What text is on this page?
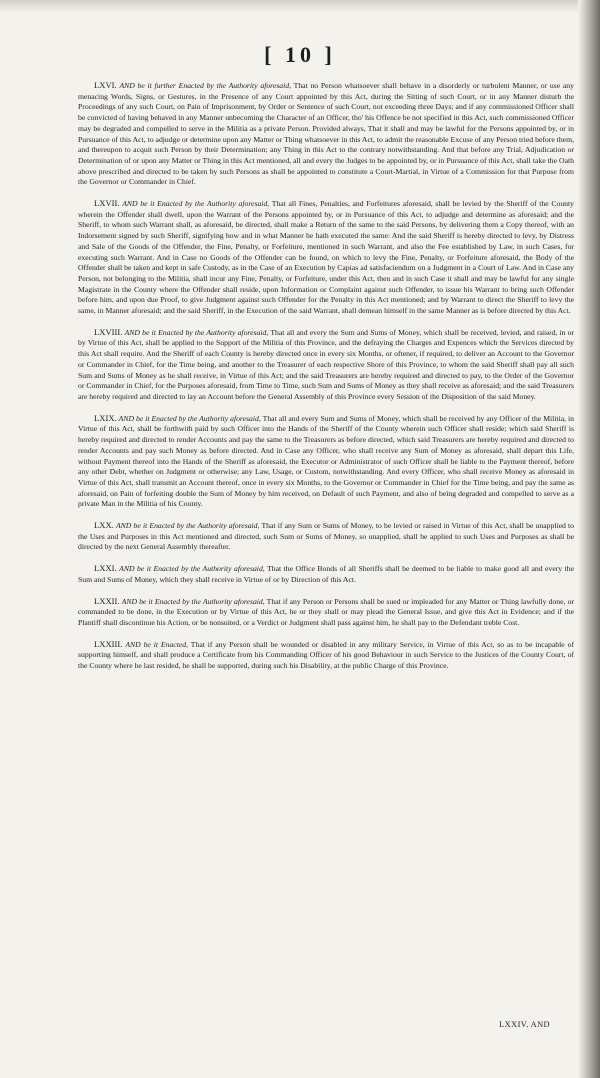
[ 10 ]

LXVI. AND be it further Enacted by the Authority aforesaid, That no Person whatsoever shall behave in a disorderly or turbulent Manner, or use any menacing Words, Signs, or Gestures, in the Presence of any Court appointed by this Act, during the Sitting of such Court, or in any Manner disturb the Proceedings of any such Court, on Pain of Imprisonment, by Order or Sentence of such Court, not exceeding three Days; and if any commissioned Officer shall be convicted of having behaved in any Manner unbecoming the Character of an Officer, tho' his Offence be not specified in this Act, such commissioned Officer may be degraded and compelled to serve in the Militia as a private Person. Provided always, That it shall and may be lawful for the Persons appointed by, or in Pursuance of this Act, to adjudge or determine upon any Matter or Thing whatsoever in this Act, to admit the reasonable Excuse of any Person tried before them, and thereupon to acquit such Person by their Determination; any Thing in this Act to the contrary notwithstanding. And that before any Trial, Adjudication or Determination of or upon any Matter or Thing in this Act mentioned, all and every the Judges to be appointed by, or in Pursuance of this Act, shall take the Oath above prescribed and directed to be taken by such Persons as shall be appointed to constitute a Court-Martial, in Virtue of a Commission for that Purpose from the Governor or Commander in Chief.

LXVII. AND be it Enacted by the Authority aforesaid, That all Fines, Penalties, and Forfeitures aforesaid, shall be levied by the Sheriff of the County wherein the Offender shall dwell, upon the Warrant of the Persons appointed by, or in Pursuance of this Act, to adjudge and determine as aforesaid; and the Sheriff, to whom such Warrant shall, as aforesaid, be directed, shall make a Return of the same to the said Persons, by delivering them a Copy thereof, with an Indorsement signed by such Sheriff, signifying how and in what Manner he hath executed the same: And the said Sheriff is hereby directed to levy, by Distress and Sale of the Goods of the Offender, the Fine, Penalty, or Forfeiture, mentioned in such Warrant, and also the Fee established by Law, in such Cases, for executing such Warrant. And in Case no Goods of the Offender can be found, on which to levy the Fine, Penalty, or Forfeiture aforesaid, the Body of the Offender shall be taken and kept in safe Custody, as in the Case of an Execution by Capias ad satisfaciendum on a Judgment in a Court of Law. And in Case any Person, not belonging to the Militia, shall incur any Fine, Penalty, or Forfeiture, under this Act, then and in such Case it shall and may be lawful for any single Magistrate in the County where the Offender shall reside, upon Information or Complaint against such Offender, to issue his Warrant to bring such Offender before him, and upon due Proof, to give Judgment against such Offender for the Penalty in this Act mentioned; and by Warrant to direct the Sheriff to levy the same, in Manner aforesaid; and the said Sheriff, in the Execution of the said Warrant, shall demean himself in the same Manner as is before directed by this Act.

LXVIII. AND be it Enacted by the Authority aforesaid, That all and every the Sum and Sums of Money, which shall be received, levied, and raised, in or by Virtue of this Act, shall be applied to the Support of the Militia of this Province, and the defraying the Charges and Expences which the Services directed by this Act shall require. And the Sheriff of each County is hereby directed once in every six Months, or oftener, if required, to deliver an Account to the Governor or Commander in Chief, for the Time being, and another to the Treasurer of each respective Shore of this Province, to whom the said Sheriff shall pay all such Sum and Sums of Money as he shall receive, in Virtue of this Act; and the said Treasurers are hereby required and directed to pay, to the Order of the Governor or Commander in Chief, for the Purposes aforesaid, from Time to Time, such Sum and Sums of Money as they shall receive as aforesaid; and the said Treasurers are hereby required and directed to lay an Account before the General Assembly of this Province every Session of the Disposition of the said Money.

LXIX. AND be it Enacted by the Authority aforesaid, That all and every Sum and Sums of Money, which shall be received by any Officer of the Militia, in Virtue of this Act, shall be forthwith paid by such Officer into the Hands of the Sheriff of the County wherein such Officer shall reside; which said Sheriff is hereby required and directed to render Accounts and pay the same to the Treasurers as before directed, which said Treasurers are hereby required and directed to render Accounts and pay such Money as before directed. And in Case any Officer, who shall receive any Sum of Money as aforesaid, shall depart this Life, without Payment thereof into the Hands of the Sheriff as aforesaid, the Executor or Administrator of such Officer shall be liable to the Payment thereof, before any other Debt, whether on Judgment or otherwise; any Law, Usage, or Custom, notwithstanding. And every Officer, who shall receive Money as aforesaid in Virtue of this Act, shall transmit an Account thereof, once in every six Months, to the Governor or Commander in Chief for the Time being, and pay the same as aforesaid, on Pain of forfeiting double the Sum of Money by him received, on Default of such Payment, and also of being degraded and compelled to serve as a private Man in the Militia of his County.

LXX. AND be it Enacted by the Authority aforesaid, That if any Sum or Sums of Money, to be levied or raised in Virtue of this Act, shall be unapplied to the Uses and Purposes in this Act mentioned and directed, such Sum or Sums of Money, so unapplied, shall be applied to such Uses and Purposes as shall be directed by the next General Assembly thereafter.

LXXI. AND be it Enacted by the Authority aforesaid, That the Office Bonds of all Sheriffs shall be deemed to be liable to make good all and every the Sum and Sums of Money, which they shall receive in Virtue of or by Direction of this Act.

LXXII. AND be it Enacted by the Authority aforesaid, That if any Person or Persons shall be sued or impleaded for any Matter or Thing lawfully done, or commanded to be done, in the Execution or by Virtue of this Act, he or they shall or may plead the General Issue, and give this Act in Evidence; and if the Plantiff shall discontinue his Action, or be nonsuited, or a Verdict or Judgment shall pass against him, he shall pay to the Defendant treble Cost.

LXXIII. AND be it Enacted, That if any Person shall be wounded or disabled in any military Service, in Virtue of this Act, so as to be incapable of supporting himself, and shall produce a Certificate from his Commanding Officer of his good Behaviour in such Service to the Justices of the County Court, of the County where he last resided, he shall be supported, during such his Disability, at the public Charge of this Province.

LXXIV. AND
